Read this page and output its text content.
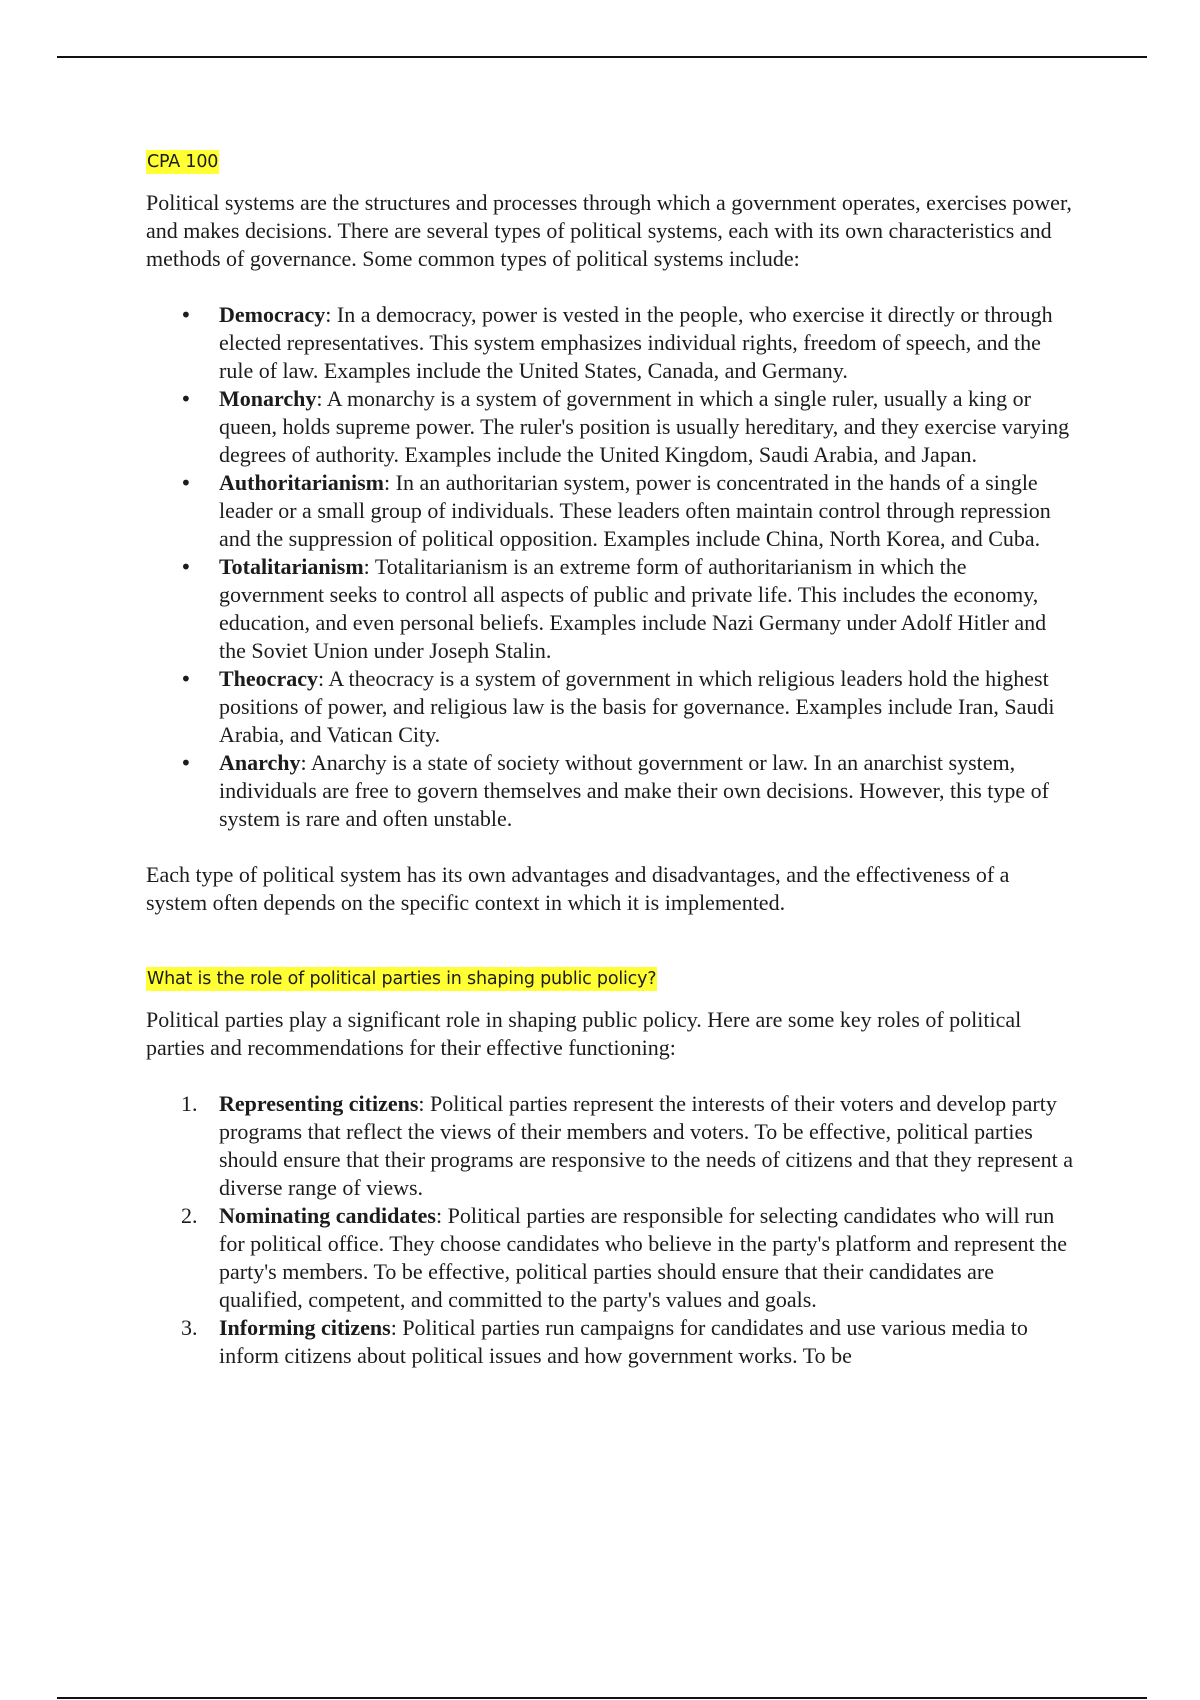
CPA 100

Political systems are the structures and processes through which a government operates, exercises power, and makes decisions. There are several types of political systems, each with its own characteristics and methods of governance. Some common types of political systems include:

• Democracy: In a democracy, power is vested in the people, who exercise it directly or through elected representatives. This system emphasizes individual rights, freedom of speech, and the rule of law. Examples include the United States, Canada, and Germany.
• Monarchy: A monarchy is a system of government in which a single ruler, usually a king or queen, holds supreme power. The ruler's position is usually hereditary, and they exercise varying degrees of authority. Examples include the United Kingdom, Saudi Arabia, and Japan.
• Authoritarianism: In an authoritarian system, power is concentrated in the hands of a single leader or a small group of individuals. These leaders often maintain control through repression and the suppression of political opposition. Examples include China, North Korea, and Cuba.
• Totalitarianism: Totalitarianism is an extreme form of authoritarianism in which the government seeks to control all aspects of public and private life. This includes the economy, education, and even personal beliefs. Examples include Nazi Germany under Adolf Hitler and the Soviet Union under Joseph Stalin.
• Theocracy: A theocracy is a system of government in which religious leaders hold the highest positions of power, and religious law is the basis for governance. Examples include Iran, Saudi Arabia, and Vatican City.
• Anarchy: Anarchy is a state of society without government or law. In an anarchist system, individuals are free to govern themselves and make their own decisions. However, this type of system is rare and often unstable.

Each type of political system has its own advantages and disadvantages, and the effectiveness of a system often depends on the specific context in which it is implemented.

What is the role of political parties in shaping public policy?

Political parties play a significant role in shaping public policy. Here are some key roles of political parties and recommendations for their effective functioning:

1. Representing citizens: Political parties represent the interests of their voters and develop party programs that reflect the views of their members and voters. To be effective, political parties should ensure that their programs are responsive to the needs of citizens and that they represent a diverse range of views.
2. Nominating candidates: Political parties are responsible for selecting candidates who will run for political office. They choose candidates who believe in the party's platform and represent the party's members. To be effective, political parties should ensure that their candidates are qualified, competent, and committed to the party's values and goals.
3. Informing citizens: Political parties run campaigns for candidates and use various media to inform citizens about political issues and how government works. To be
